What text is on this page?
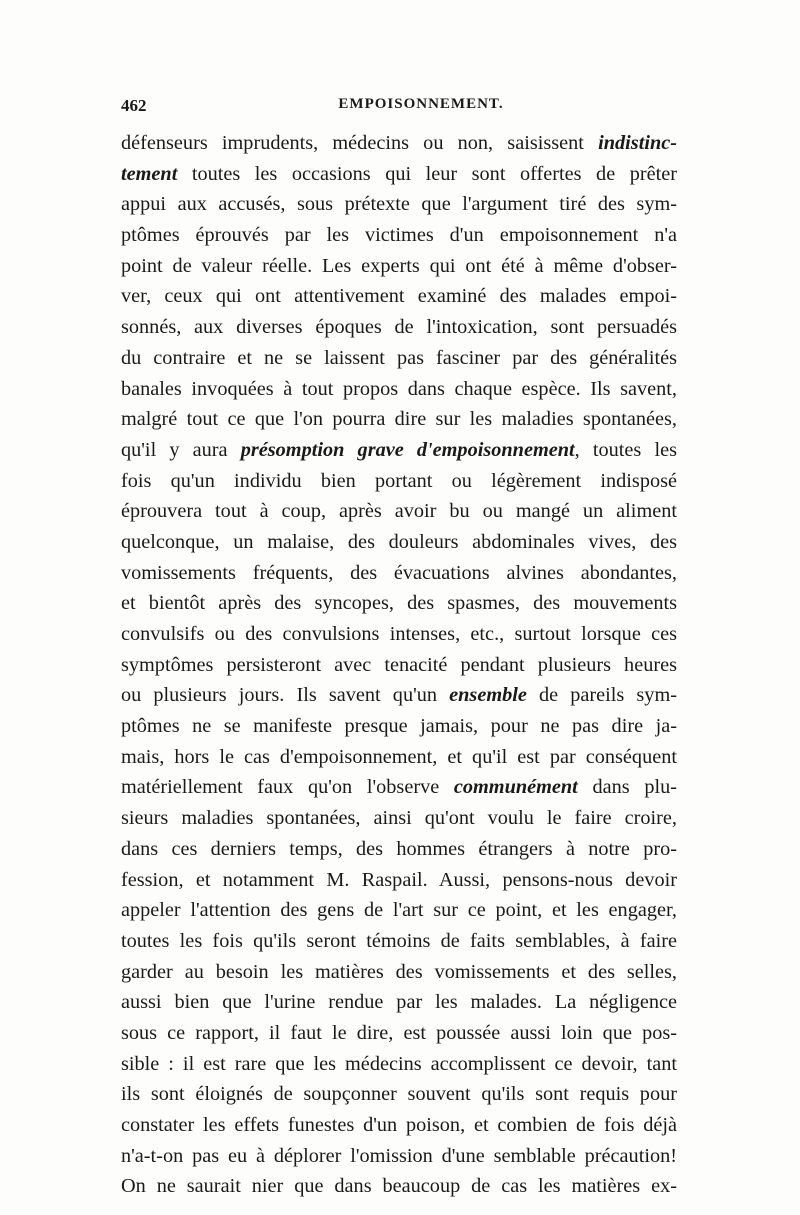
462	EMPOISONNEMENT.
défenseurs imprudents, médecins ou non, saisissent indistinc-
tement toutes les occasions qui leur sont offertes de prêter
appui aux accusés, sous prétexte que l'argument tiré des sym-
ptômes éprouvés par les victimes d'un empoisonnement n'a
point de valeur réelle. Les experts qui ont été à même d'obser-
ver, ceux qui ont attentivement examiné des malades empoi-
sonnés, aux diverses époques de l'intoxication, sont persuadés
du contraire et ne se laissent pas fasciner par des généralités
banales invoquées à tout propos dans chaque espèce. Ils savent,
malgré tout ce que l'on pourra dire sur les maladies spontanées,
qu'il y aura présomption grave d'empoisonnement, toutes les
fois qu'un individu bien portant ou légèrement indisposé
éprouvera tout à coup, après avoir bu ou mangé un aliment
quelconque, un malaise, des douleurs abdominales vives, des
vomissements fréquents, des évacuations alvines abondantes,
et bientôt après des syncopes, des spasmes, des mouvements
convulsifs ou des convulsions intenses, etc., surtout lorsque ces
symptômes persisteront avec tenacité pendant plusieurs heures
ou plusieurs jours. Ils savent qu'un ensemble de pareils sym-
ptômes ne se manifeste presque jamais, pour ne pas dire ja-
mais, hors le cas d'empoisonnement, et qu'il est par conséquent
matériellement faux qu'on l'observe communément dans plu-
sieurs maladies spontanées, ainsi qu'ont voulu le faire croire,
dans ces derniers temps, des hommes étrangers à notre pro-
fession, et notamment M. Raspail. Aussi, pensons-nous devoir
appeler l'attention des gens de l'art sur ce point, et les engager,
toutes les fois qu'ils seront témoins de faits semblables, à faire
garder au besoin les matières des vomissements et des selles,
aussi bien que l'urine rendue par les malades. La négligence
sous ce rapport, il faut le dire, est poussée aussi loin que pos-
sible : il est rare que les médecins accomplissent ce devoir, tant
ils sont éloignés de soupçonner souvent qu'ils sont requis pour
constater les effets funestes d'un poison, et combien de fois déjà
n'a-t-on pas eu à déplorer l'omission d'une semblable précaution!
On ne saurait nier que dans beaucoup de cas les matières ex-
